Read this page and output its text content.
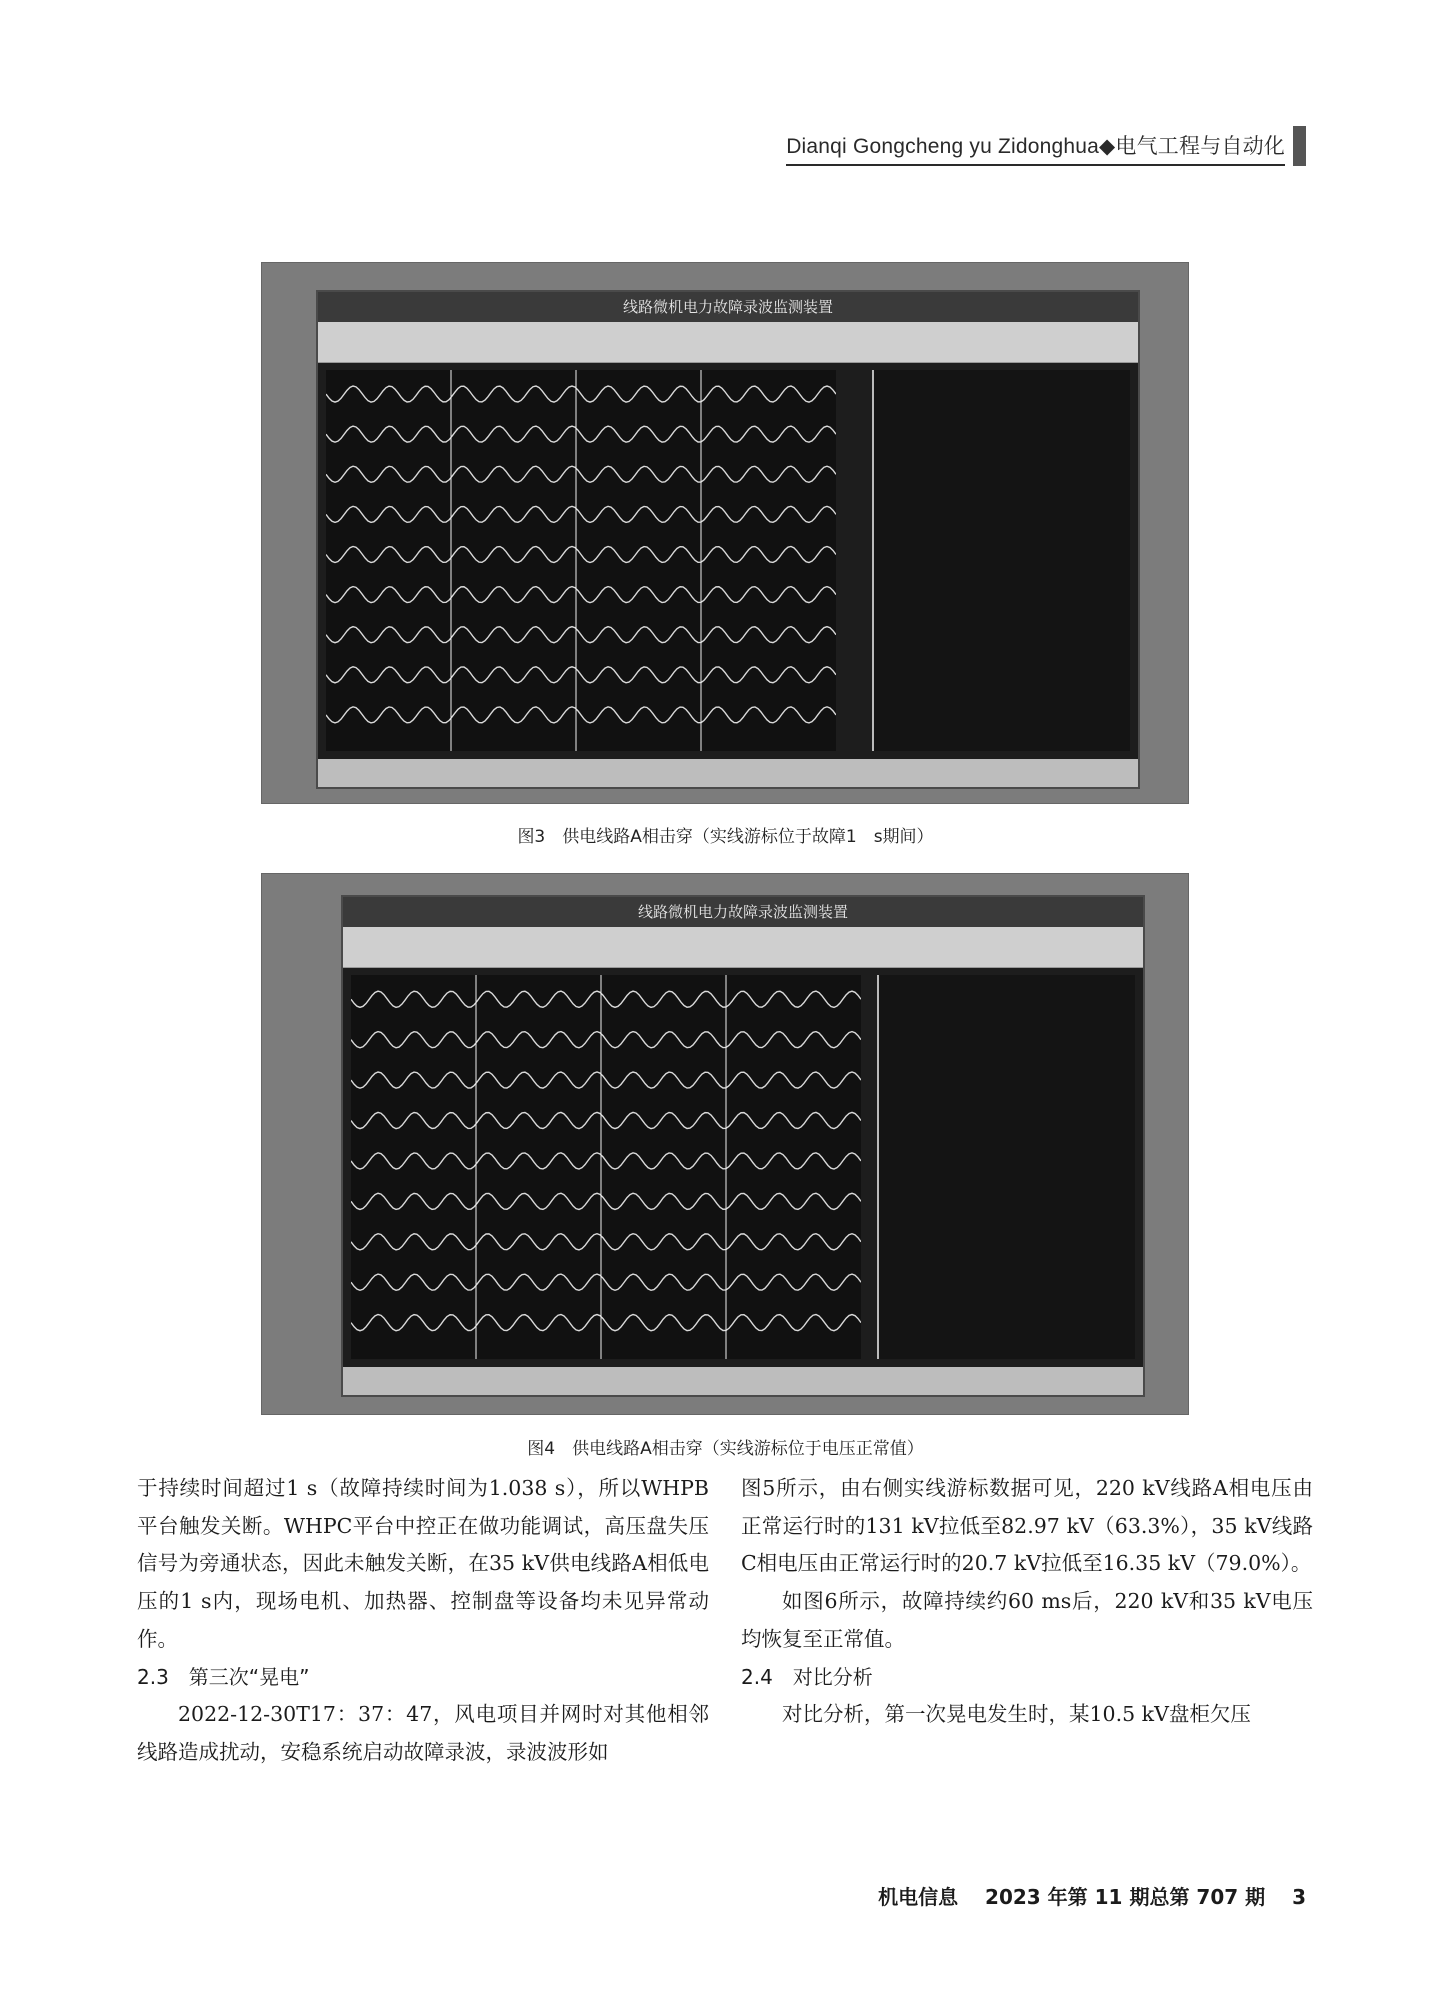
Dianqi Gongcheng yu Zidonghua◆电气工程与自动化
线路微机电力故障录波监测装置
图3　供电线路A相击穿（实线游标位于故障1　s期间）
线路微机电力故障录波监测装置
图4　供电线路A相击穿（实线游标位于电压正常值）

于持续时间超过1 s（故障持续时间为1.038 s），所以WHPB平台触发关断。WHPC平台中控正在做功能调试，高压盘失压信号为旁通状态，因此未触发关断，在35 kV供电线路A相低电压的1 s内，现场电机、加热器、控制盘等设备均未见异常动作。

2.3　第三次“晃电”

2022-12-30T17：37：47，风电项目并网时对其他相邻线路造成扰动，安稳系统启动故障录波，录波波形如

图5所示，由右侧实线游标数据可见，220 kV线路A相电压由正常运行时的131 kV拉低至82.97 kV（63.3%），35 kV线路C相电压由正常运行时的20.7 kV拉低至16.35 kV（79.0%）。

如图6所示，故障持续约60 ms后，220 kV和35 kV电压均恢复至正常值。

2.4　对比分析

对比分析，第一次晃电发生时，某10.5 kV盘柜欠压

机电信息　 2023 年第 11 期总第 707 期　 3
